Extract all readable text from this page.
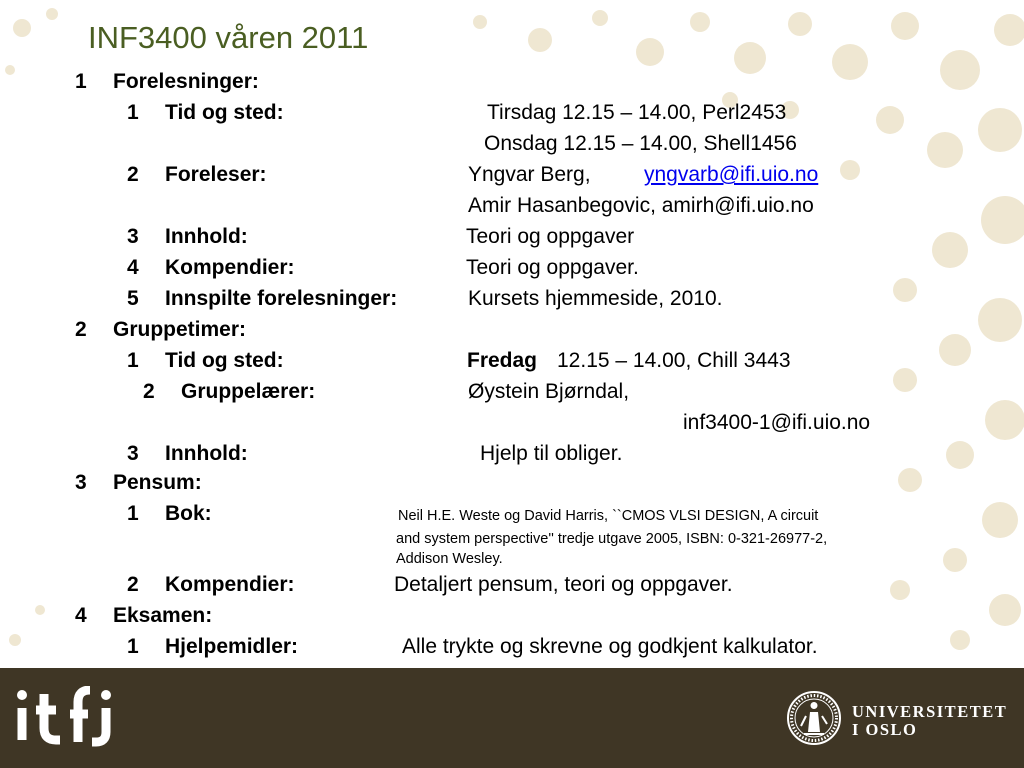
INF3400 våren 2011
1 Forelesninger:
1 Tid og sted:	Tirsdag 12.15 – 14.00, Perl2453
Onsdag 12.15 – 14.00, Shell1456
2 Foreleser:	Yngvar Berg,	yngvarb@ifi.uio.no
Amir Hasanbegovic, amirh@ifi.uio.no
3 Innhold:	Teori og oppgaver
4 Kompendier:	Teori og oppgaver.
5 Innspilte forelesninger:	Kursets hjemmeside, 2010.
2 Gruppetimer:
1 Tid og sted:	Fredag 12.15 – 14.00, Chill 3443
2 Gruppelærer:	Øystein Bjørndal,
inf3400-1@ifi.uio.no
3 Innhold:	Hjelp til obliger.
3 Pensum:
1 Bok:	Neil H.E. Weste og David Harris, ``CMOS VLSI DESIGN, A circuit
and system perspective'' tredje utgave 2005, ISBN: 0-321-26977-2,
Addison Wesley.
2 Kompendier:	Detaljert pensum, teori og oppgaver.
4 Eksamen:
1 Hjelpemidler:	Alle trykte og skrevne og godkjent kalkulator.
UNIVERSITETET
I OSLO
